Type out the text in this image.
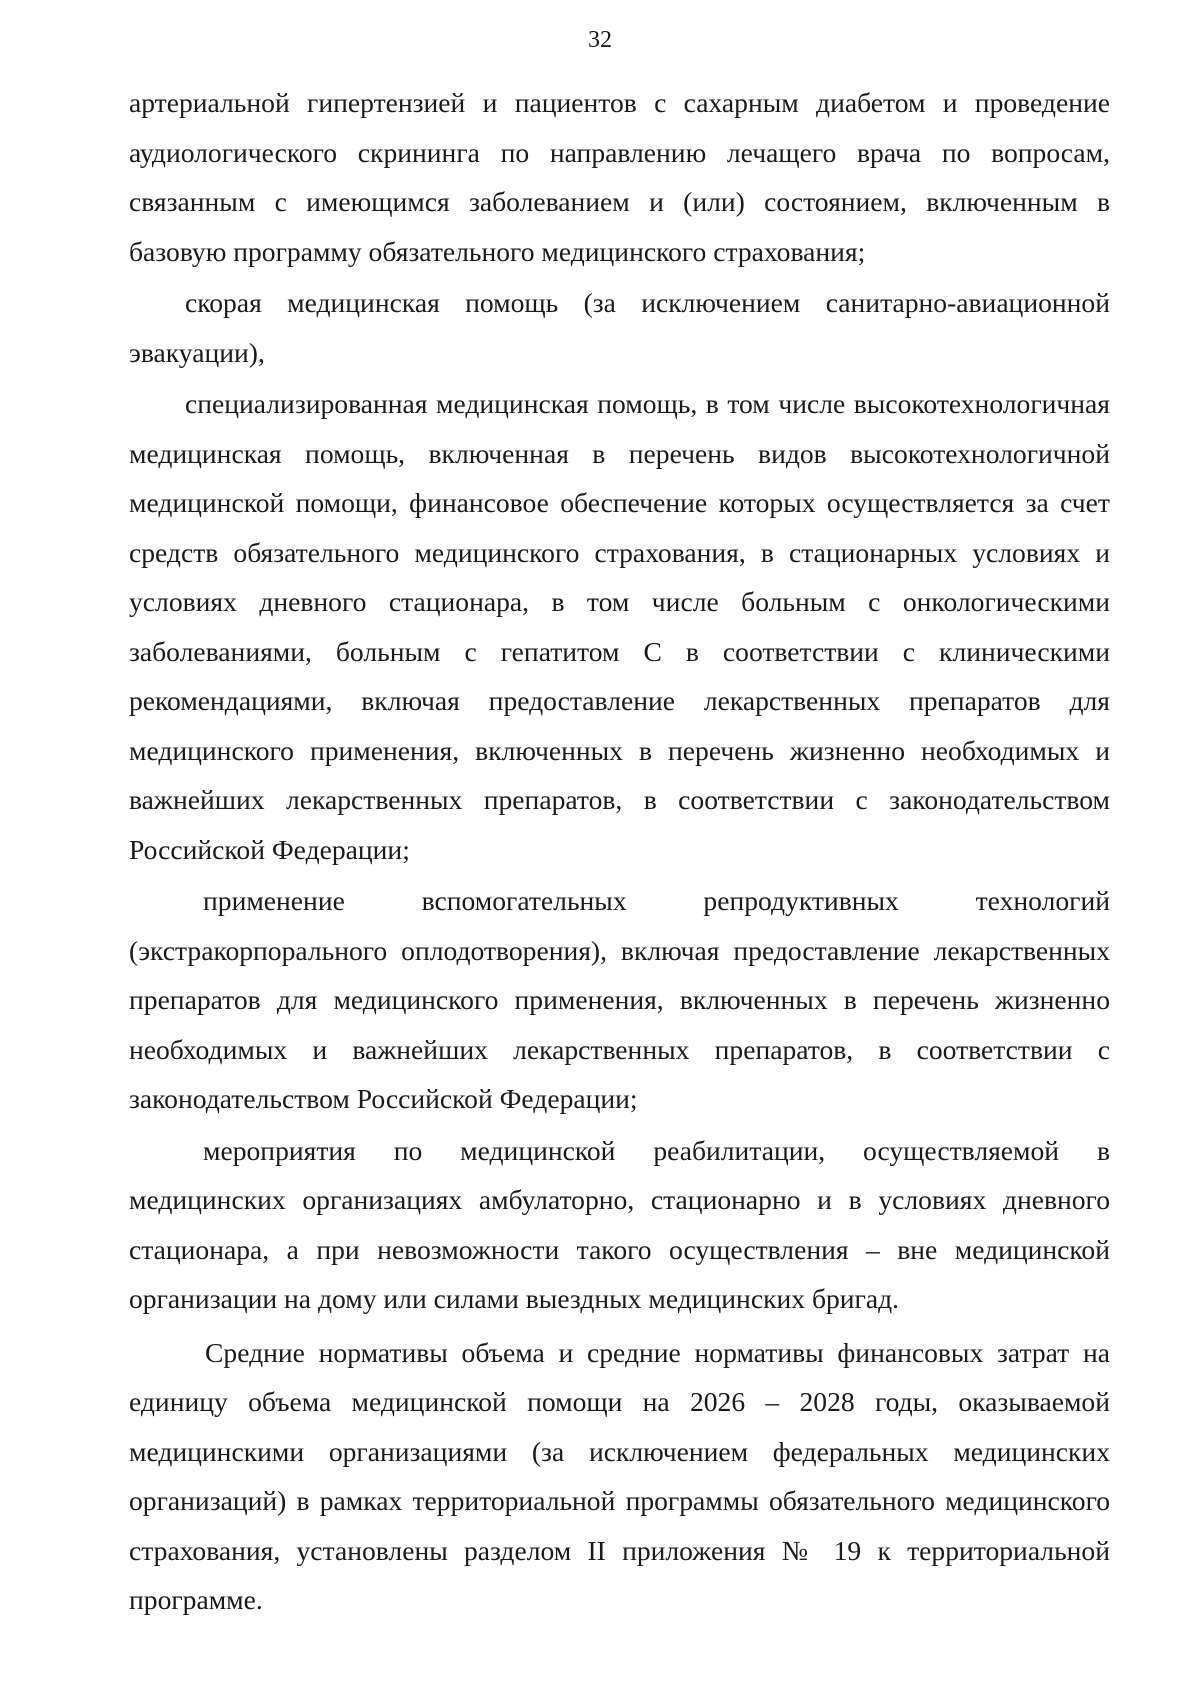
32

артериальной гипертензией и пациентов с сахарным диабетом и проведение аудиологического скрининга по направлению лечащего врача по вопросам, связанным с имеющимся заболеванием и (или) состоянием, включенным в базовую программу обязательного медицинского страхования;

скорая медицинская помощь (за исключением санитарно-авиационной эвакуации),

специализированная медицинская помощь, в том числе высокотехнологичная медицинская помощь, включенная в перечень видов высокотехнологичной медицинской помощи, финансовое обеспечение которых осуществляется за счет средств обязательного медицинского страхования, в стационарных условиях и условиях дневного стационара, в том числе больным с онкологическими заболеваниями, больным с гепатитом С в соответствии с клиническими рекомендациями, включая предоставление лекарственных препаратов для медицинского применения, включенных в перечень жизненно необходимых и важнейших лекарственных препаратов, в соответствии с законодательством Российской Федерации;

применение вспомогательных репродуктивных технологий (экстракорпорального оплодотворения), включая предоставление лекарственных препаратов для медицинского применения, включенных в перечень жизненно необходимых и важнейших лекарственных препаратов, в соответствии с законодательством Российской Федерации;

мероприятия по медицинской реабилитации, осуществляемой в медицинских организациях амбулаторно, стационарно и в условиях дневного стационара, а при невозможности такого осуществления – вне медицинской организации на дому или силами выездных медицинских бригад.

Средние нормативы объема и средние нормативы финансовых затрат на единицу объема медицинской помощи на 2026 – 2028 годы, оказываемой медицинскими организациями (за исключением федеральных медицинских организаций) в рамках территориальной программы обязательного медицинского страхования, установлены разделом II приложения № 19 к территориальной программе.
